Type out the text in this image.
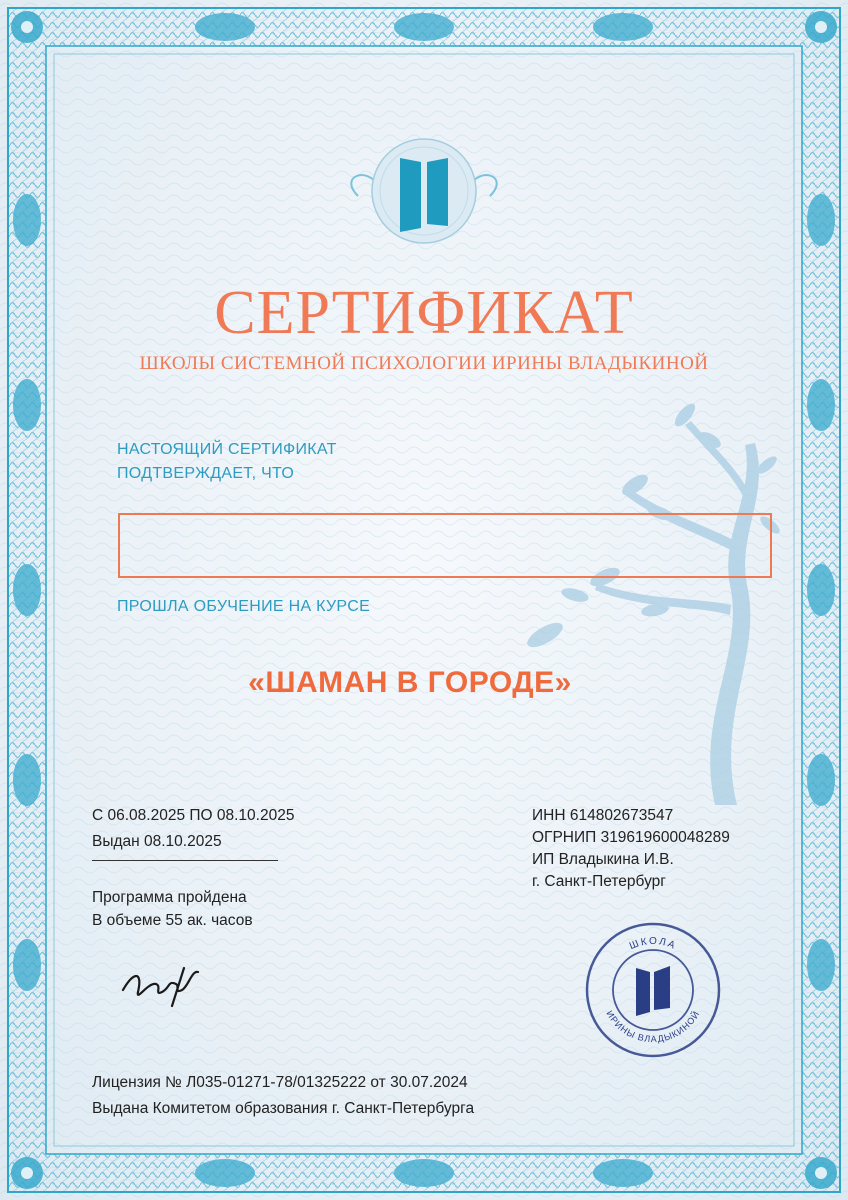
СЕРТИФИКАТ
ШКОЛЫ СИСТЕМНОЙ ПСИХОЛОГИИ ИРИНЫ ВЛАДЫКИНОЙ
НАСТОЯЩИЙ СЕРТИФИКАТ
ПОДТВЕРЖДАЕТ, ЧТО
ПРОШЛА ОБУЧЕНИЕ НА КУРСЕ
«ШАМАН В ГОРОДЕ»
С 06.08.2025 ПО 08.10.2025
Выдан 08.10.2025
Программа пройдена
В объеме 55 ак. часов
ИНН 614802673547
ОГРНИП 319619600048289
ИП Владыкина И.В.
г. Санкт-Петербург
ШКОЛА
ИРИНЫ ВЛАДЫКИНОЙ
Лицензия № Л035-01271-78/01325222 от 30.07.2024
Выдана Комитетом образования г. Санкт-Петербурга
